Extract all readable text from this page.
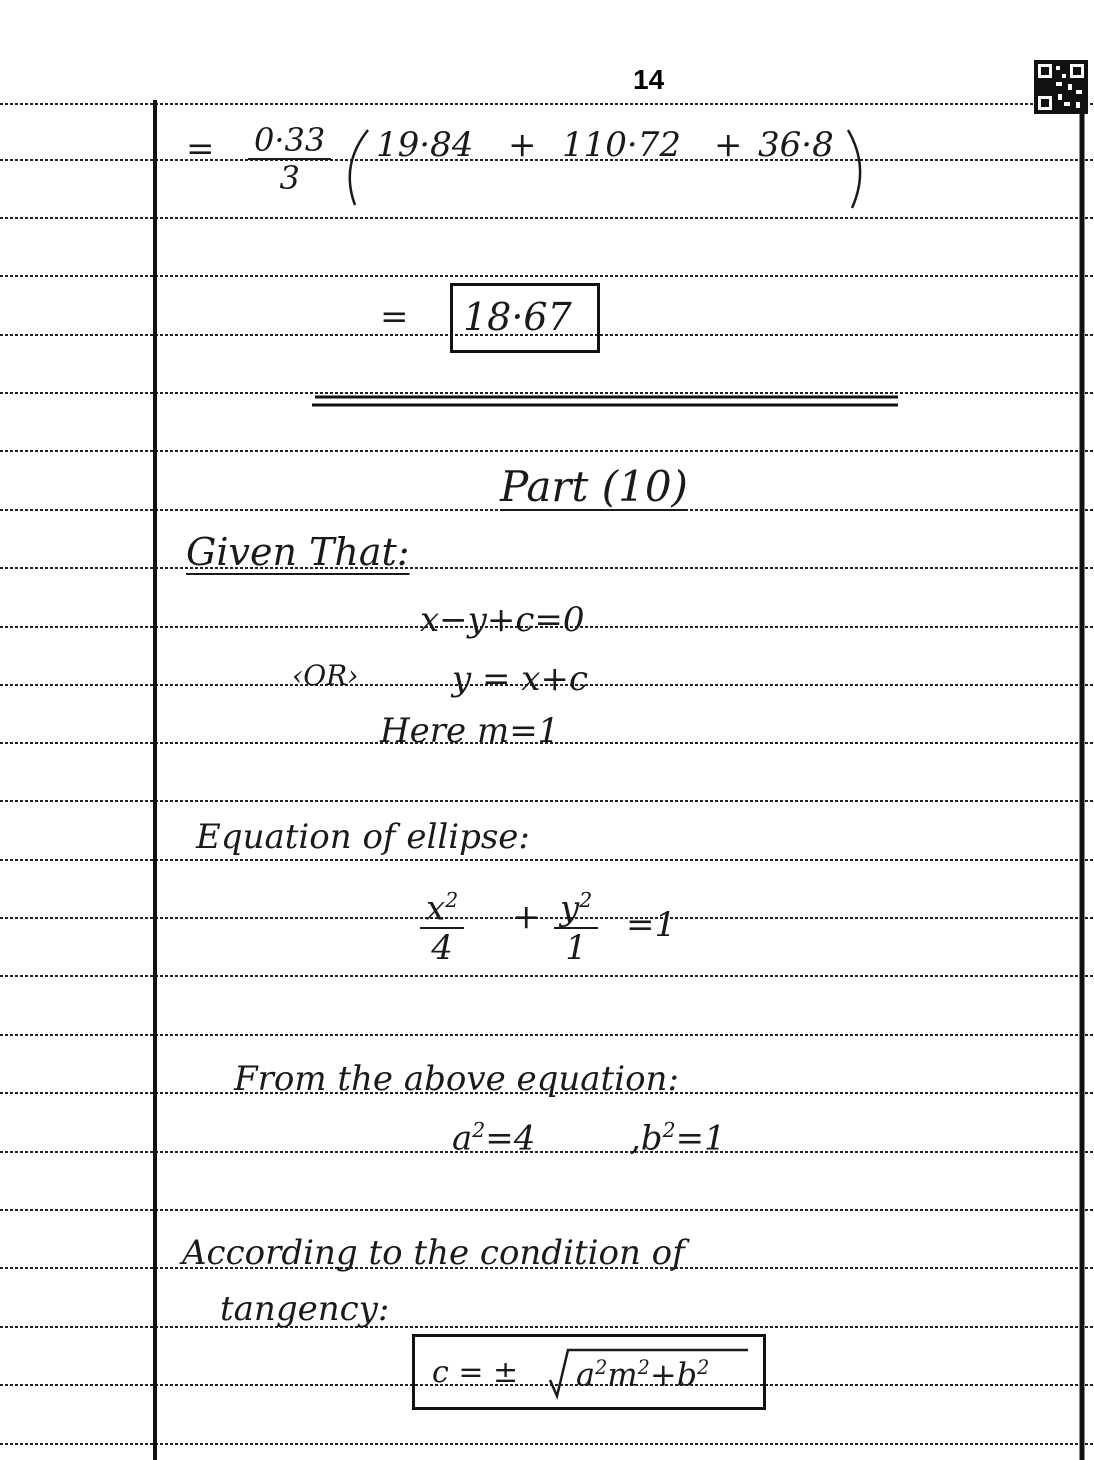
14
= 0·33
3
19·84 + 110·72 + 36·8
= 18·67
Part (10)
Given That:
x−y+c=0
‹OR›	y = x+c
Here m=1
Equation of ellipse:
$x^2$
4
+ $y^2$
1
=1
From the above equation:
$a^2=4$	$,b^2=1$
According to the condition of
tangency:
c = ± $a^2m^2+b^2$
